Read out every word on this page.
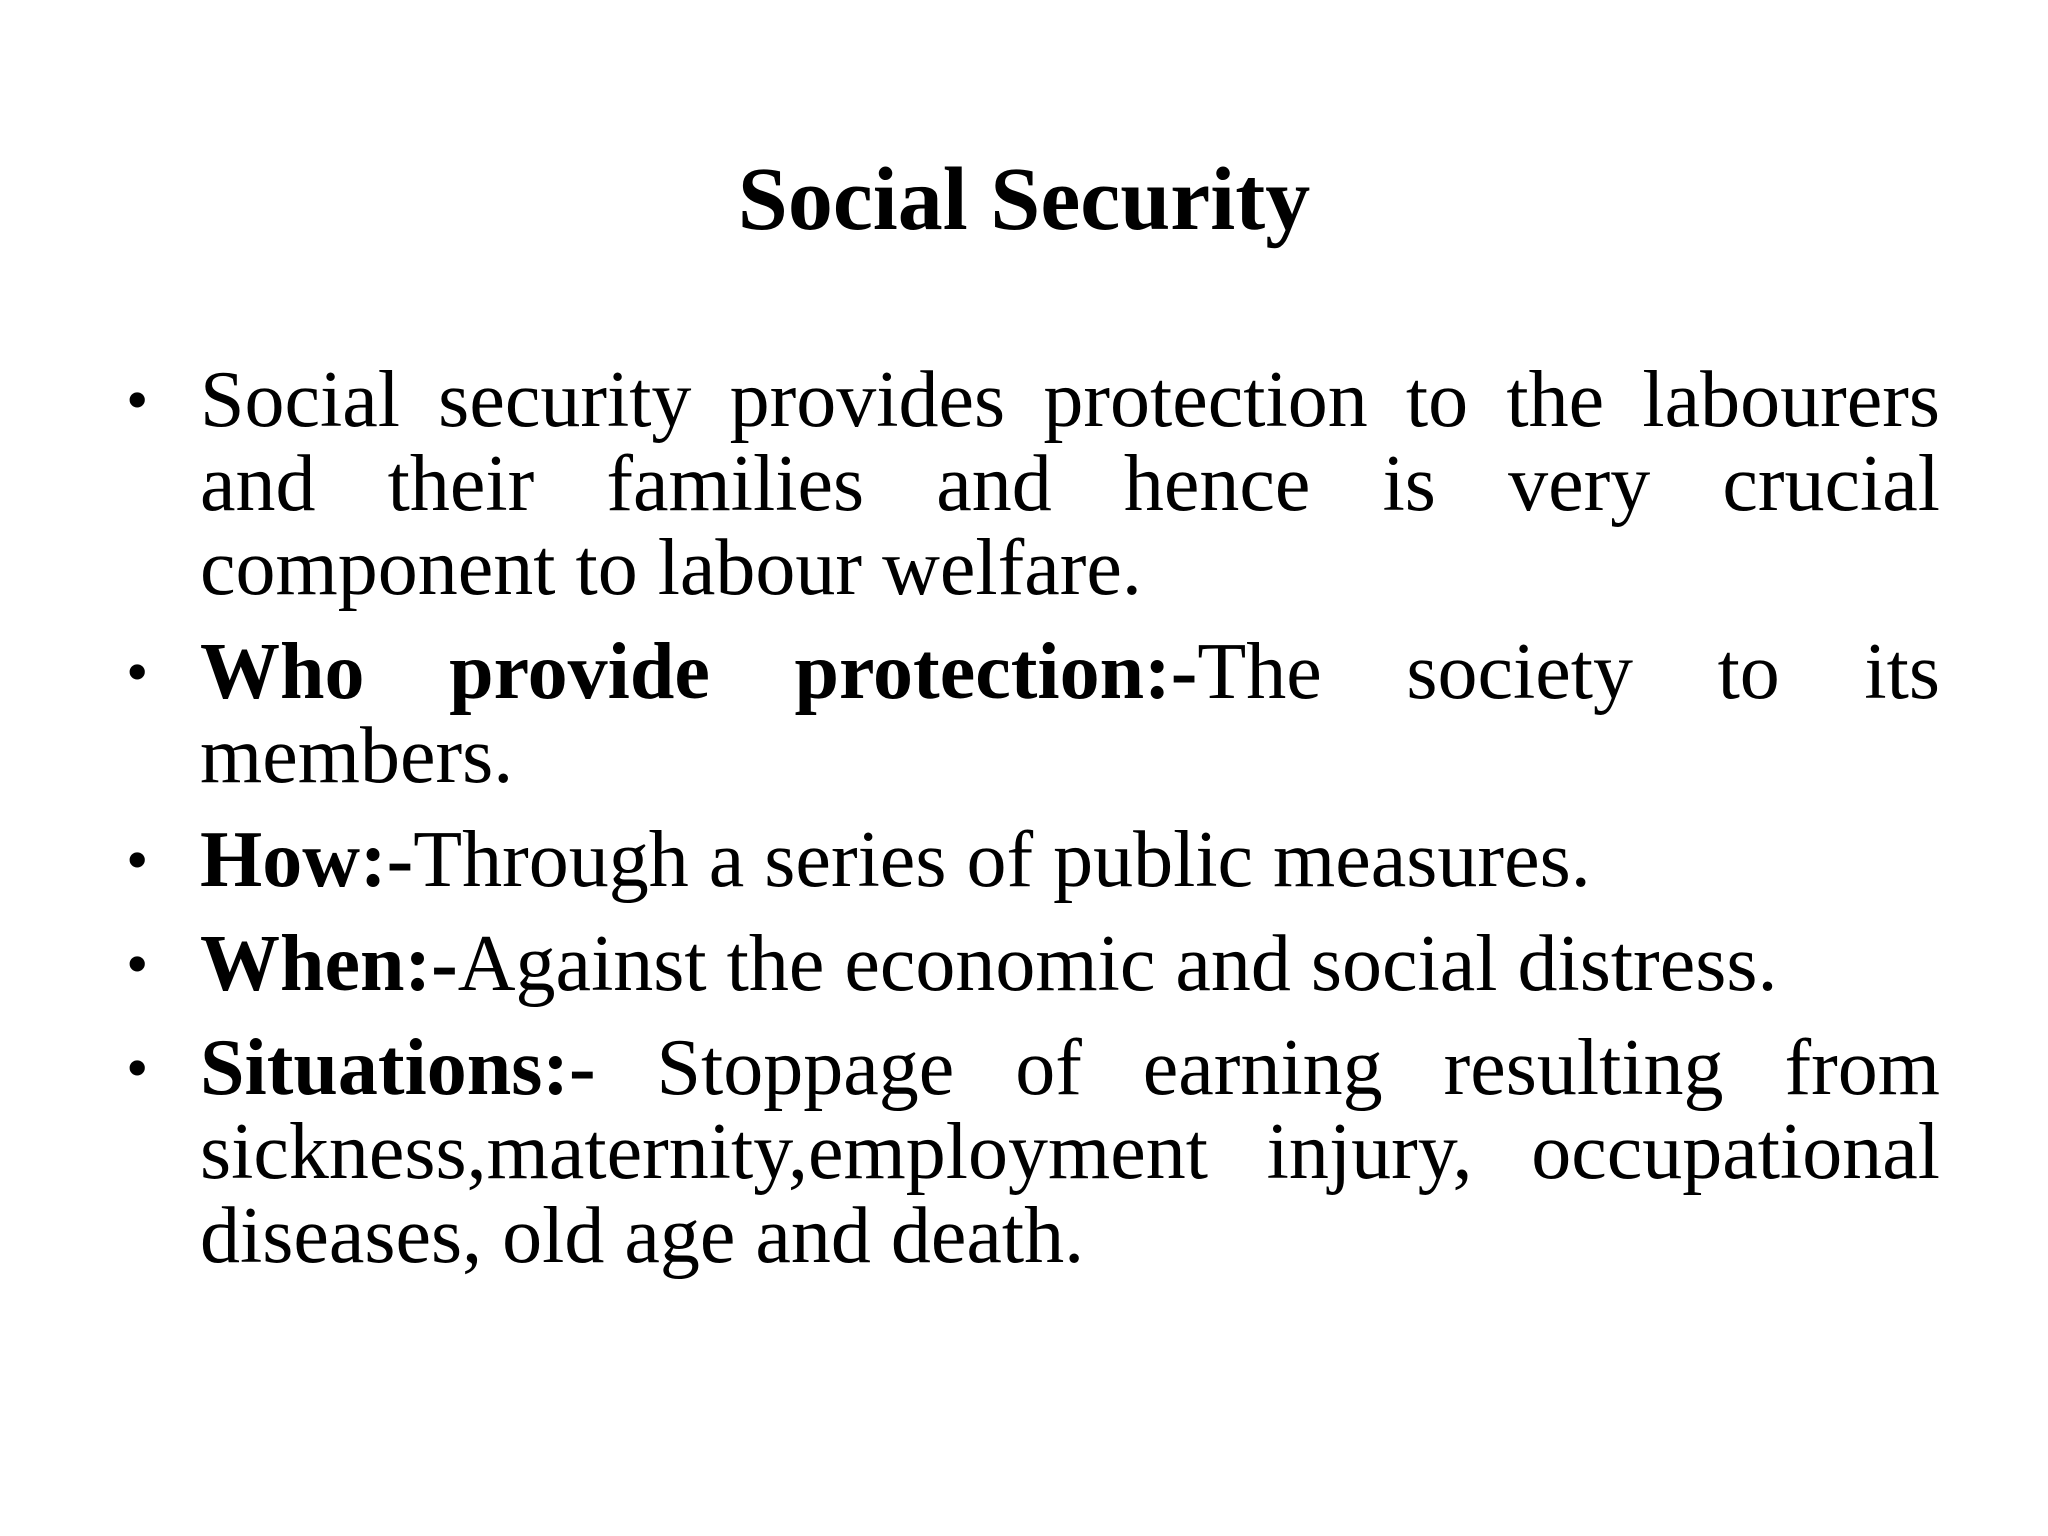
Social Security
• Social security provides protection to the labourers and their families and hence is very crucial component to labour welfare.
• Who provide protection:-The society to its members.
• How:-Through a series of public measures.
• When:-Against the economic and social distress.
• Situations:- Stoppage of earning resulting from sickness,maternity,employment injury, occupational diseases, old age and death.
